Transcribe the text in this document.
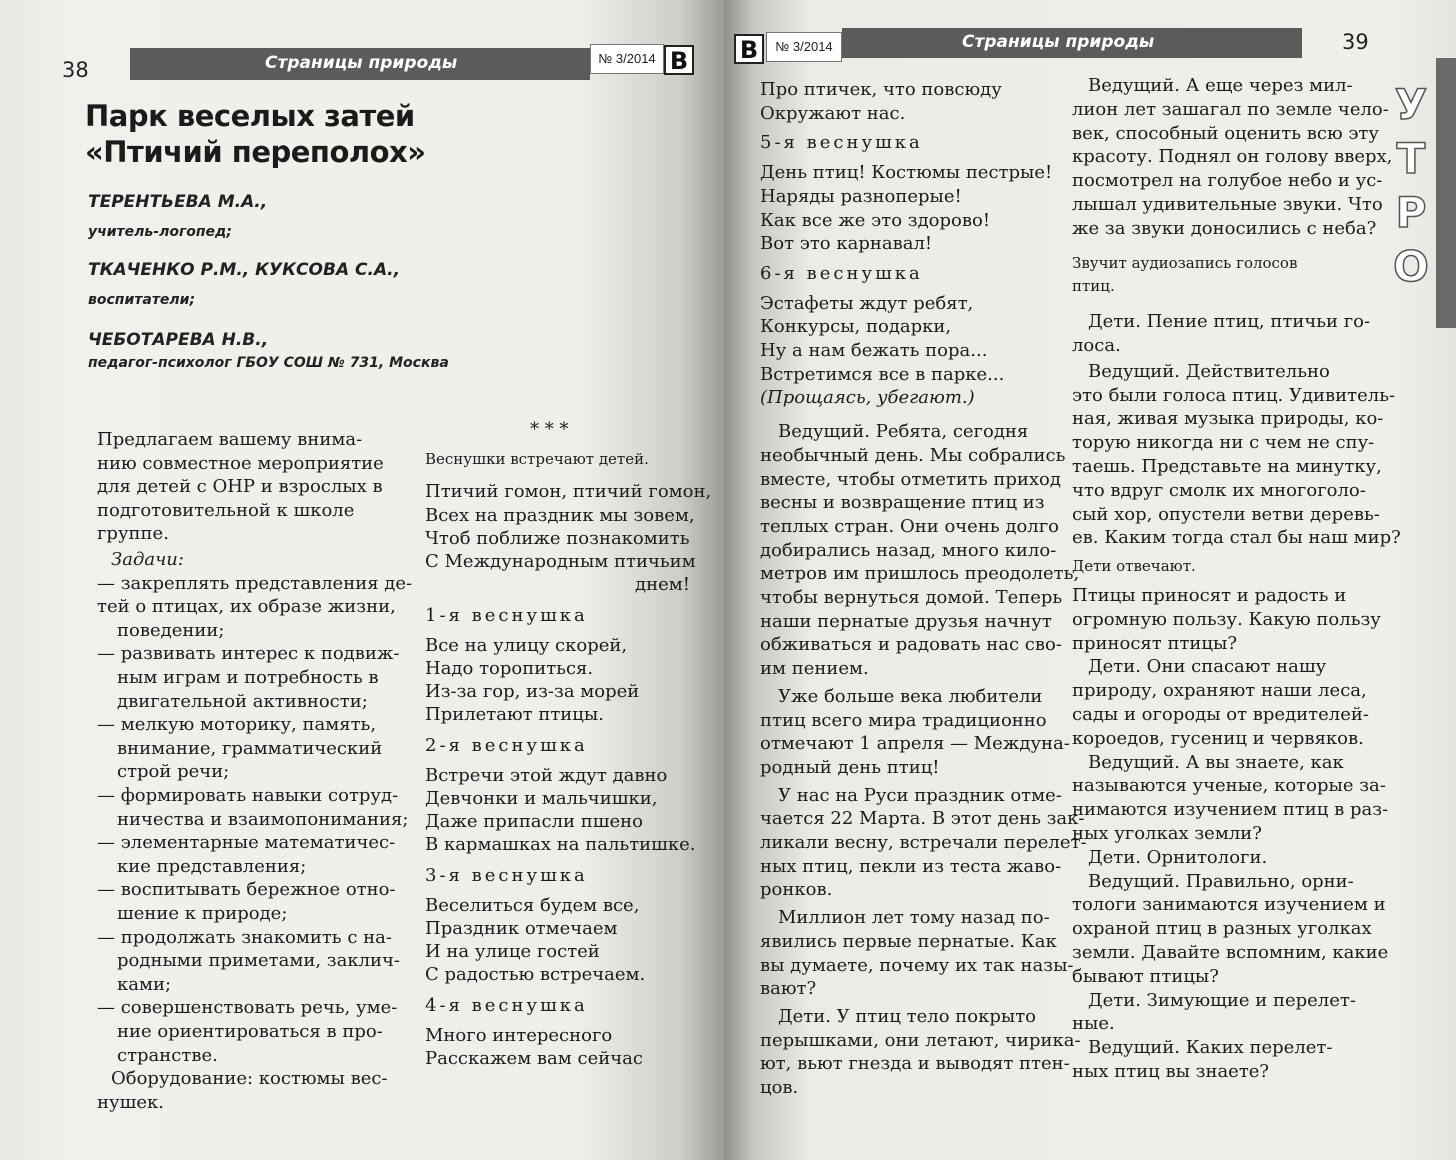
38	Страницы природы	№ 3/2014 B
Парк веселых затей
«Птичий переполох»
ТЕРЕНТЬЕВА М.А.,
учитель-логопед;
ТКАЧЕНКО Р.М., КУКСОВА С.А.,
воспитатели;
ЧЕБОТАРЕВА Н.В.,
педагог-психолог ГБОУ СОШ № 731, Москва
Предлагаем вашему внима-
нию совместное мероприятие
для детей с ОНР и взрослых в
подготовительной к школе
группе.
Задачи:
— закреплять представления де-
тей о птицах, их образе жизни,
поведении;
— развивать интерес к подвиж-
ным играм и потребность в
двигательной активности;
— мелкую моторику, память,
внимание, грамматический
строй речи;
— формировать навыки сотруд-
ничества и взаимопонимания;
— элементарные математичес-
кие представления;
— воспитывать бережное отно-
шение к природе;
— продолжать знакомить с на-
родными приметами, заклич-
ками;
— совершенствовать речь, уме-
ние ориентироваться в про-
странстве.
Оборудование: костюмы вес-
нушек.
* * *
Веснушки встречают детей.
Птичий гомон, птичий гомон,
Всех на праздник мы зовем,
Чтоб поближе познакомить
С Международным птичьим
днем!
1-я веснушка
Все на улицу скорей,
Надо торопиться.
Из-за гор, из-за морей
Прилетают птицы.
2-я веснушка
Встречи этой ждут давно
Девчонки и мальчишки,
Даже припасли пшено
В кармашках на пальтишке.
3-я веснушка
Веселиться будем все,
Праздник отмечаем
И на улице гостей
С радостью встречаем.
4-я веснушка
Много интересного
Расскажем вам сейчас
B	№ 3/2014	Страницы природы	39
Про птичек, что повсюду
Окружают нас.
5-я веснушка
День птиц! Костюмы пестрые!
Наряды разноперые!
Как все же это здорово!
Вот это карнавал!
6-я веснушка
Эстафеты ждут ребят,
Конкурсы, подарки,
Ну а нам бежать пора...
Встретимся все в парке...
(Прощаясь, убегают.)
Ведущий. Ребята, сегодня
необычный день. Мы собрались
вместе, чтобы отметить приход
весны и возвращение птиц из
теплых стран. Они очень долго
добирались назад, много кило-
метров им пришлось преодолеть,
чтобы вернуться домой. Теперь
наши пернатые друзья начнут
обживаться и радовать нас сво-
им пением.
Уже больше века любители
птиц всего мира традиционно
отмечают 1 апреля — Междуна-
родный день птиц!
У нас на Руси праздник отме-
чается 22 Марта. В этот день зак-
ликали весну, встречали перелет-
ных птиц, пекли из теста жаво-
ронков.
Миллион лет тому назад по-
явились первые пернатые. Как
вы думаете, почему их так назы-
вают?
Дети. У птиц тело покрыто
перышками, они летают, чирика-
ют, вьют гнезда и выводят птен-
цов.
Ведущий. А еще через мил-
лион лет зашагал по земле чело-
век, способный оценить всю эту
красоту. Поднял он голову вверх,
посмотрел на голубое небо и ус-
лышал удивительные звуки. Что
же за звуки доносились с неба?
Звучит аудиозапись голосов
птиц.
Дети. Пение птиц, птичьи го-
лоса.
Ведущий. Действительно
это были голоса птиц. Удивитель-
ная, живая музыка природы, ко-
торую никогда ни с чем не спу-
таешь. Представьте на минутку,
что вдруг смолк их многоголо-
сый хор, опустели ветви деревь-
ев. Каким тогда стал бы наш мир?
Дети отвечают.
Птицы приносят и радость и
огромную пользу. Какую пользу
приносят птицы?
Дети. Они спасают нашу
природу, охраняют наши леса,
сады и огороды от вредителей-
короедов, гусениц и червяков.
Ведущий. А вы знаете, как
называются ученые, которые за-
нимаются изучением птиц в раз-
ных уголках земли?
Дети. Орнитологи.
Ведущий. Правильно, орни-
тологи занимаются изучением и
охраной птиц в разных уголках
земли. Давайте вспомним, какие
бывают птицы?
Дети. Зимующие и перелет-
ные.
Ведущий. Каких перелет-
ных птиц вы знаете?
У
Т
Р
О
